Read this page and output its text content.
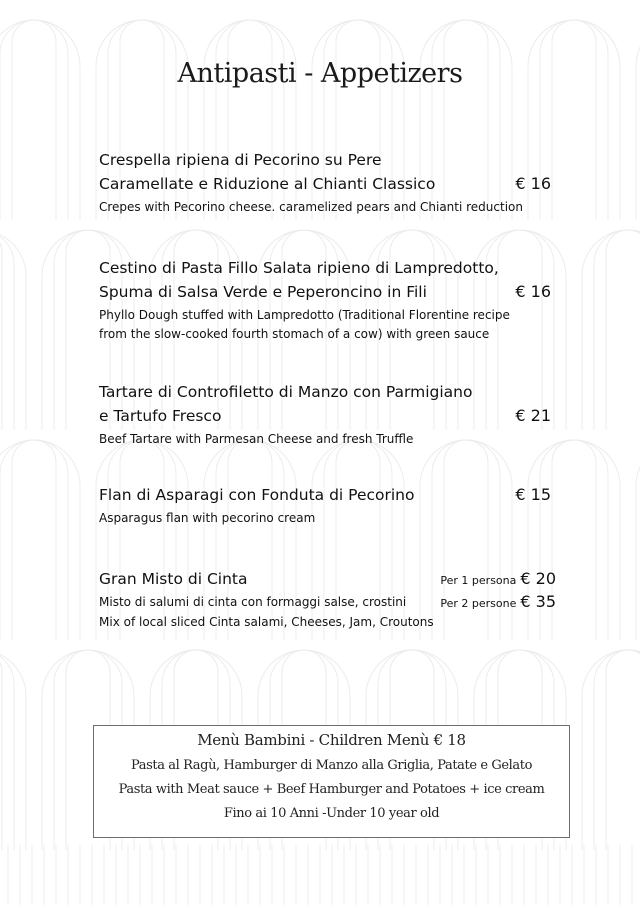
Antipasti - Appetizers
Crespella ripiena di Pecorino su Pere
Caramellate e Riduzione al Chianti Classico	€ 16
Crepes with Pecorino cheese. caramelized pears and Chianti reduction
Cestino di Pasta Fillo Salata ripieno di Lampredotto,
Spuma di Salsa Verde e Peperoncino in Fili	€ 16
Phyllo Dough stuffed with Lampredotto (Traditional Florentine recipe
from the slow-cooked fourth stomach of a cow) with green sauce
Tartare di Controfiletto di Manzo con Parmigiano
e Tartufo Fresco	€ 21
Beef Tartare with Parmesan Cheese and fresh Truffle
Flan di Asparagi con Fonduta di Pecorino	€ 15
Asparagus flan with pecorino cream
Gran Misto di Cinta	Per 1 persona € 20
Misto di salumi di cinta con formaggi salse, crostini	Per 2 persone € 35
Mix of local sliced Cinta salami, Cheeses, Jam, Croutons
Menù Bambini - Children Menù € 18
Pasta al Ragù, Hamburger di Manzo alla Griglia, Patate e Gelato
Pasta with Meat sauce + Beef Hamburger and Potatoes + ice cream
Fino ai 10 Anni -Under 10 year old
